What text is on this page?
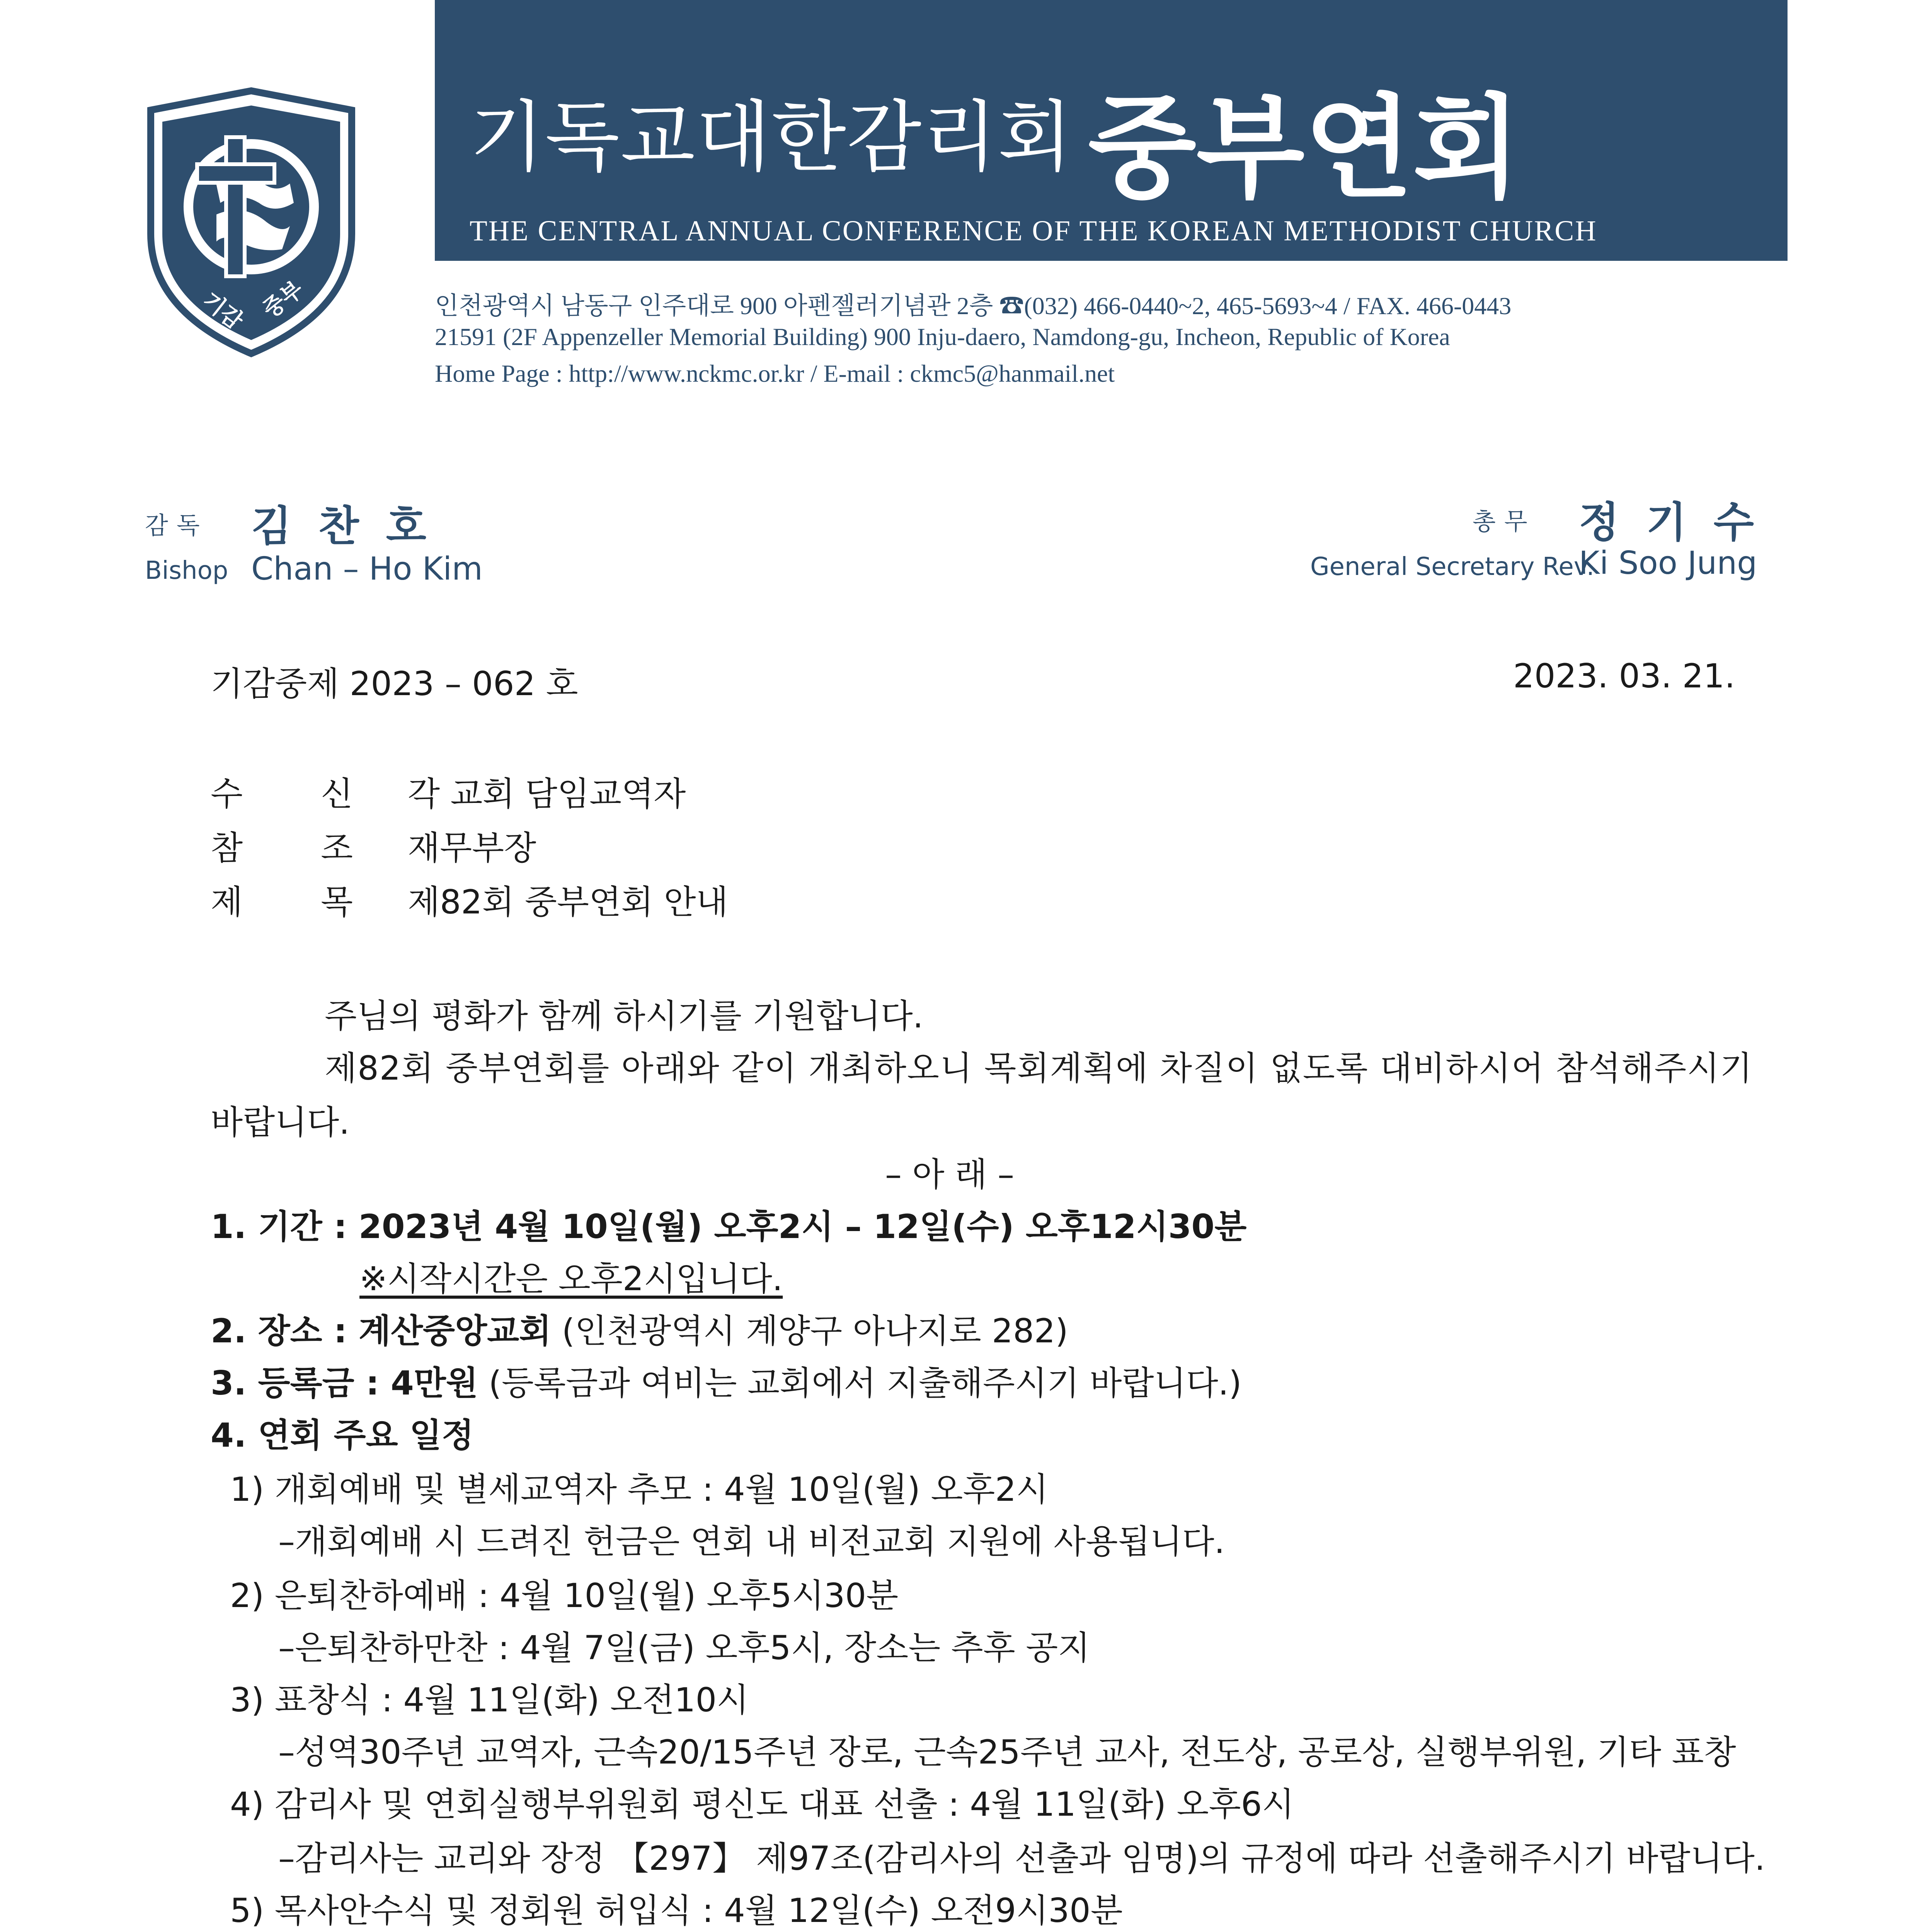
기감 중부
기독교대한감리회 중부연회
THE CENTRAL ANNUAL CONFERENCE OF THE KOREAN METHODIST CHURCH
인천광역시 남동구 인주대로 900 아펜젤러기념관 2층 ☎(032) 466-0440~2, 465-5693~4 / FAX. 466-0443
21591 (2F Appenzeller Memorial Building) 900 Inju-daero, Namdong-gu, Incheon, Republic of Korea
Home Page : http://www.nckmc.or.kr / E-mail : ckmc5@hanmail.net
감독 김찬호
Bishop Chan – Ho Kim
총무 정기수
General Secretary Rev.
Ki Soo Jung
기감중제 2023 – 062 호	2023. 03. 21.
수 신 각 교회 담임교역자
참 조 재무부장
제 목 제82회 중부연회 안내
주님의 평화가 함께 하시기를 기원합니다.
제82회 중부연회를 아래와 같이 개최하오니 목회계획에 차질이 없도록 대비하시어 참석해주시기
바랍니다.
– 아 래 –
1. 기간 : 2023년 4월 10일(월) 오후2시 – 12일(수) 오후12시30분
※시작시간은 오후2시입니다.
2. 장소 : 계산중앙교회 (인천광역시 계양구 아나지로 282)
3. 등록금 : 4만원 (등록금과 여비는 교회에서 지출해주시기 바랍니다.)
4. 연회 주요 일정
1) 개회예배 및 별세교역자 추모 : 4월 10일(월) 오후2시
–개회예배 시 드려진 헌금은 연회 내 비전교회 지원에 사용됩니다.
2) 은퇴찬하예배 : 4월 10일(월) 오후5시30분
–은퇴찬하만찬 : 4월 7일(금) 오후5시, 장소는 추후 공지
3) 표창식 : 4월 11일(화) 오전10시
–성역30주년 교역자, 근속20/15주년 장로, 근속25주년 교사, 전도상, 공로상, 실행부위원, 기타 표창
4) 감리사 및 연회실행부위원회 평신도 대표 선출 : 4월 11일(화) 오후6시
–감리사는 교리와 장정 【297】 제97조(감리사의 선출과 임명)의 규정에 따라 선출해주시기 바랍니다.
5) 목사안수식 및 정회원 허입식 : 4월 12일(수) 오전9시30분
